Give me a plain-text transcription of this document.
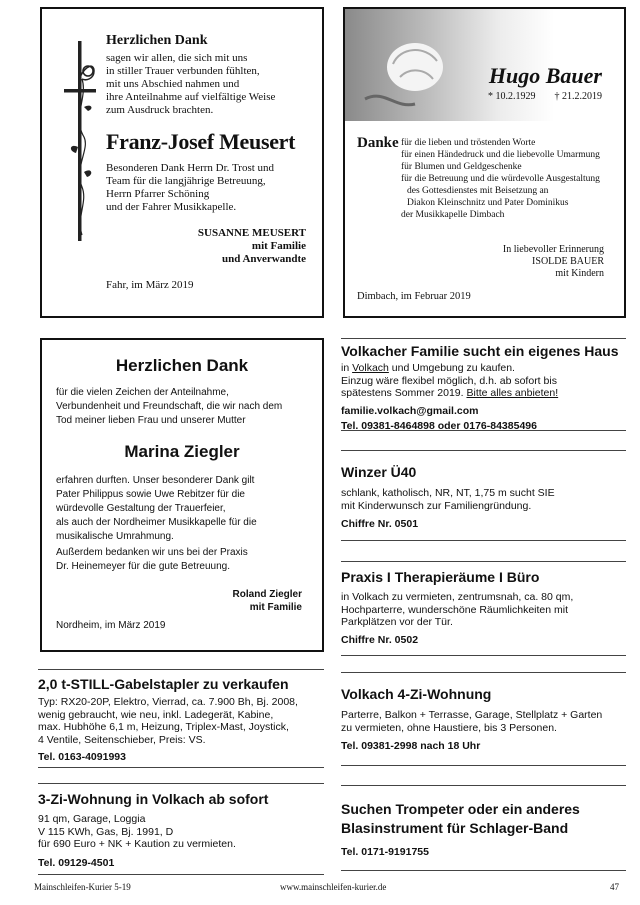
Herzlichen Dank
sagen wir allen, die sich mit uns
in stiller Trauer verbunden fühlten,
mit uns Abschied nahmen und
ihre Anteilnahme auf vielfältige Weise
zum Ausdruck brachten.
Franz-Josef Meusert
Besonderen Dank Herrn Dr. Trost und
Team für die langjährige Betreuung,
Herrn Pfarrer Schöning
und der Fahrer Musikkapelle.
SUSANNE MEUSERT
mit Familie
und Anverwandte
Fahr, im März 2019
Hugo Bauer
* 10.2.1929 † 21.2.2019
Danke für die lieben und tröstenden Worte
für einen Händedruck und die liebevolle Umarmung
für Blumen und Geldgeschenke
für die Betreuung und die würdevolle Ausgestaltung
des Gottesdienstes mit Beisetzung an
Diakon Kleinschnitz und Pater Dominikus
der Musikkapelle Dimbach
In liebevoller Erinnerung
ISOLDE BAUER
mit Kindern
Dimbach, im Februar 2019
Herzlichen Dank
für die vielen Zeichen der Anteilnahme,
Verbundenheit und Freundschaft, die wir nach dem
Tod meiner lieben Frau und unserer Mutter
Marina Ziegler
erfahren durften. Unser besonderer Dank gilt
Pater Philippus sowie Uwe Rebitzer für die
würdevolle Gestaltung der Trauerfeier,
als auch der Nordheimer Musikkapelle für die
musikalische Umrahmung.
Außerdem bedanken wir uns bei der Praxis
Dr. Heinemeyer für die gute Betreuung.
Roland Ziegler
mit Familie
Nordheim, im März 2019
Volkacher Familie sucht ein eigenes Haus
in Volkach und Umgebung zu kaufen.
Einzug wäre flexibel möglich, d.h. ab sofort bis
spätestens Sommer 2019. Bitte alles anbieten!
familie.volkach@gmail.com
Tel. 09381-8464898 oder 0176-84385496
Winzer Ü40
schlank, katholisch, NR, NT, 1,75 m sucht SIE
mit Kinderwunsch zur Familiengründung.
Chiffre Nr. 0501
Praxis I Therapieräume I Büro
in Volkach zu vermieten, zentrumsnah, ca. 80 qm,
Hochparterre, wunderschöne Räumlichkeiten mit
Parkplätzen vor der Tür.
Chiffre Nr. 0502
Volkach 4-Zi-Wohnung
Parterre, Balkon + Terrasse, Garage, Stellplatz + Garten
zu vermieten, ohne Haustiere, bis 3 Personen.
Tel. 09381-2998 nach 18 Uhr
Suchen Trompeter oder ein anderes
Blasinstrument für Schlager-Band
Tel. 0171-9191755
2,0 t-STILL-Gabelstapler zu verkaufen
Typ: RX20-20P, Elektro, Vierrad, ca. 7.900 Bh, Bj. 2008,
wenig gebraucht, wie neu, inkl. Ladegerät, Kabine,
max. Hubhöhe 6,1 m, Heizung, Triplex-Mast, Joystick,
4 Ventile, Seitenschieber, Preis: VS.
Tel. 0163-4091993
3-Zi-Wohnung in Volkach ab sofort
91 qm, Garage, Loggia
V 115 KWh, Gas, Bj. 1991, D
für 690 Euro + NK + Kaution zu vermieten.
Tel. 09129-4501
Mainschleifen-Kurier 5-19	www.mainschleifen-kurier.de	47
